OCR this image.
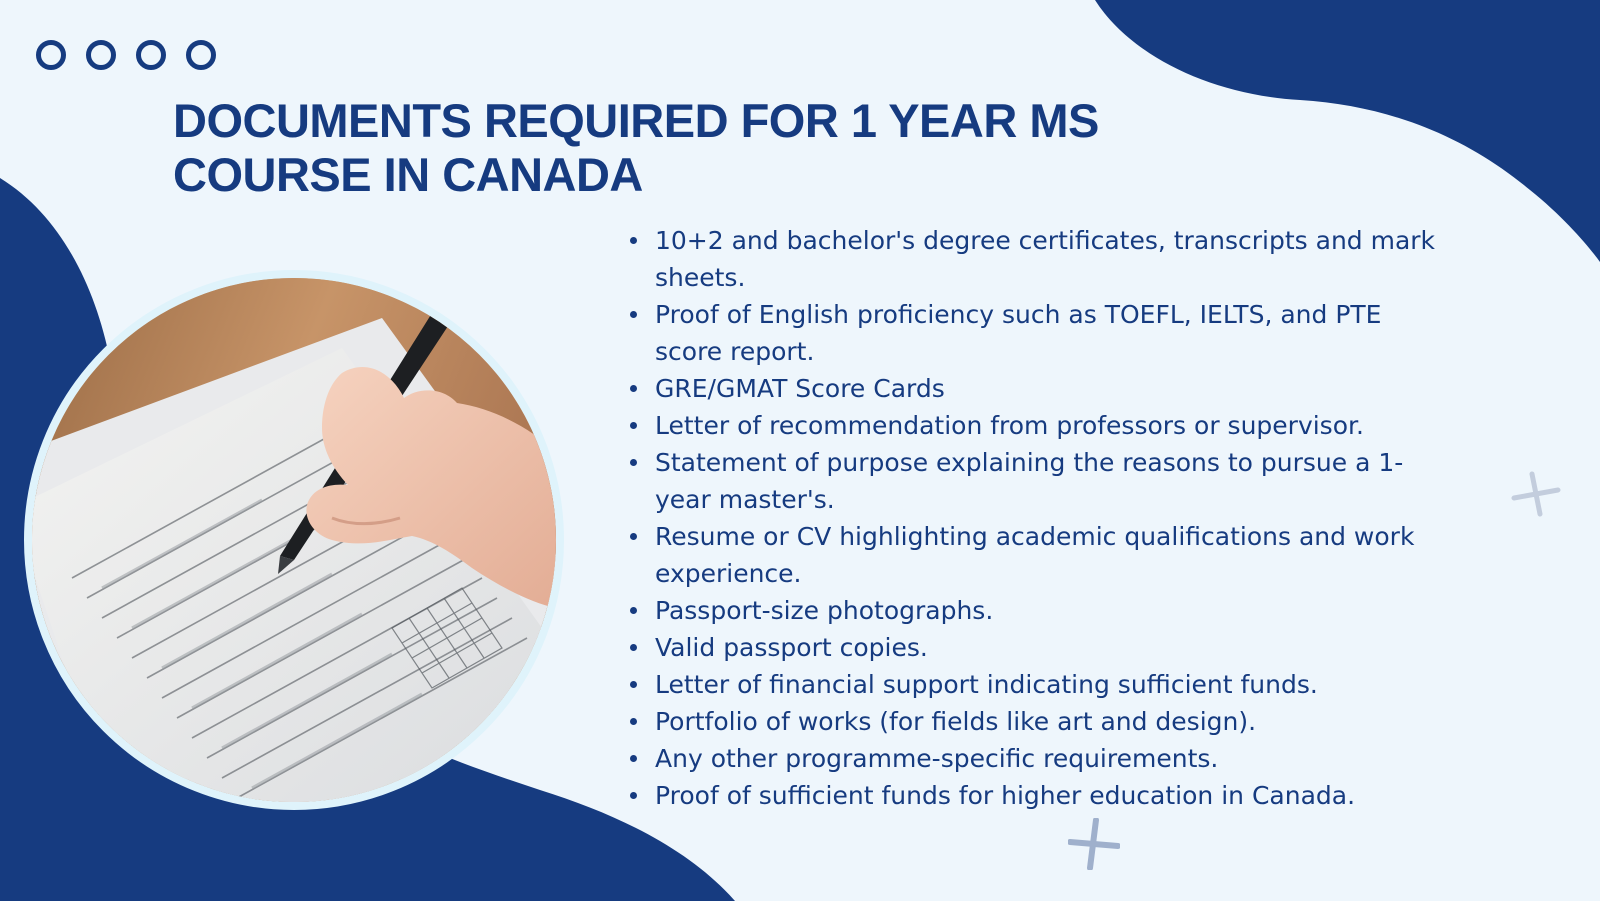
DOCUMENTS REQUIRED FOR 1 YEAR MS
COURSE IN CANADA
10+2 and bachelor's degree certificates, transcripts and mark sheets.
Proof of English proficiency such as TOEFL, IELTS, and PTE score report.
GRE/GMAT Score Cards
Letter of recommendation from professors or supervisor.
Statement of purpose explaining the reasons to pursue a 1-year master's.
Resume or CV highlighting academic qualifications and work experience.
Passport-size photographs.
Valid passport copies.
Letter of financial support indicating sufficient funds.
Portfolio of works (for fields like art and design).
Any other programme-specific requirements.
Proof of sufficient funds for higher education in Canada.
